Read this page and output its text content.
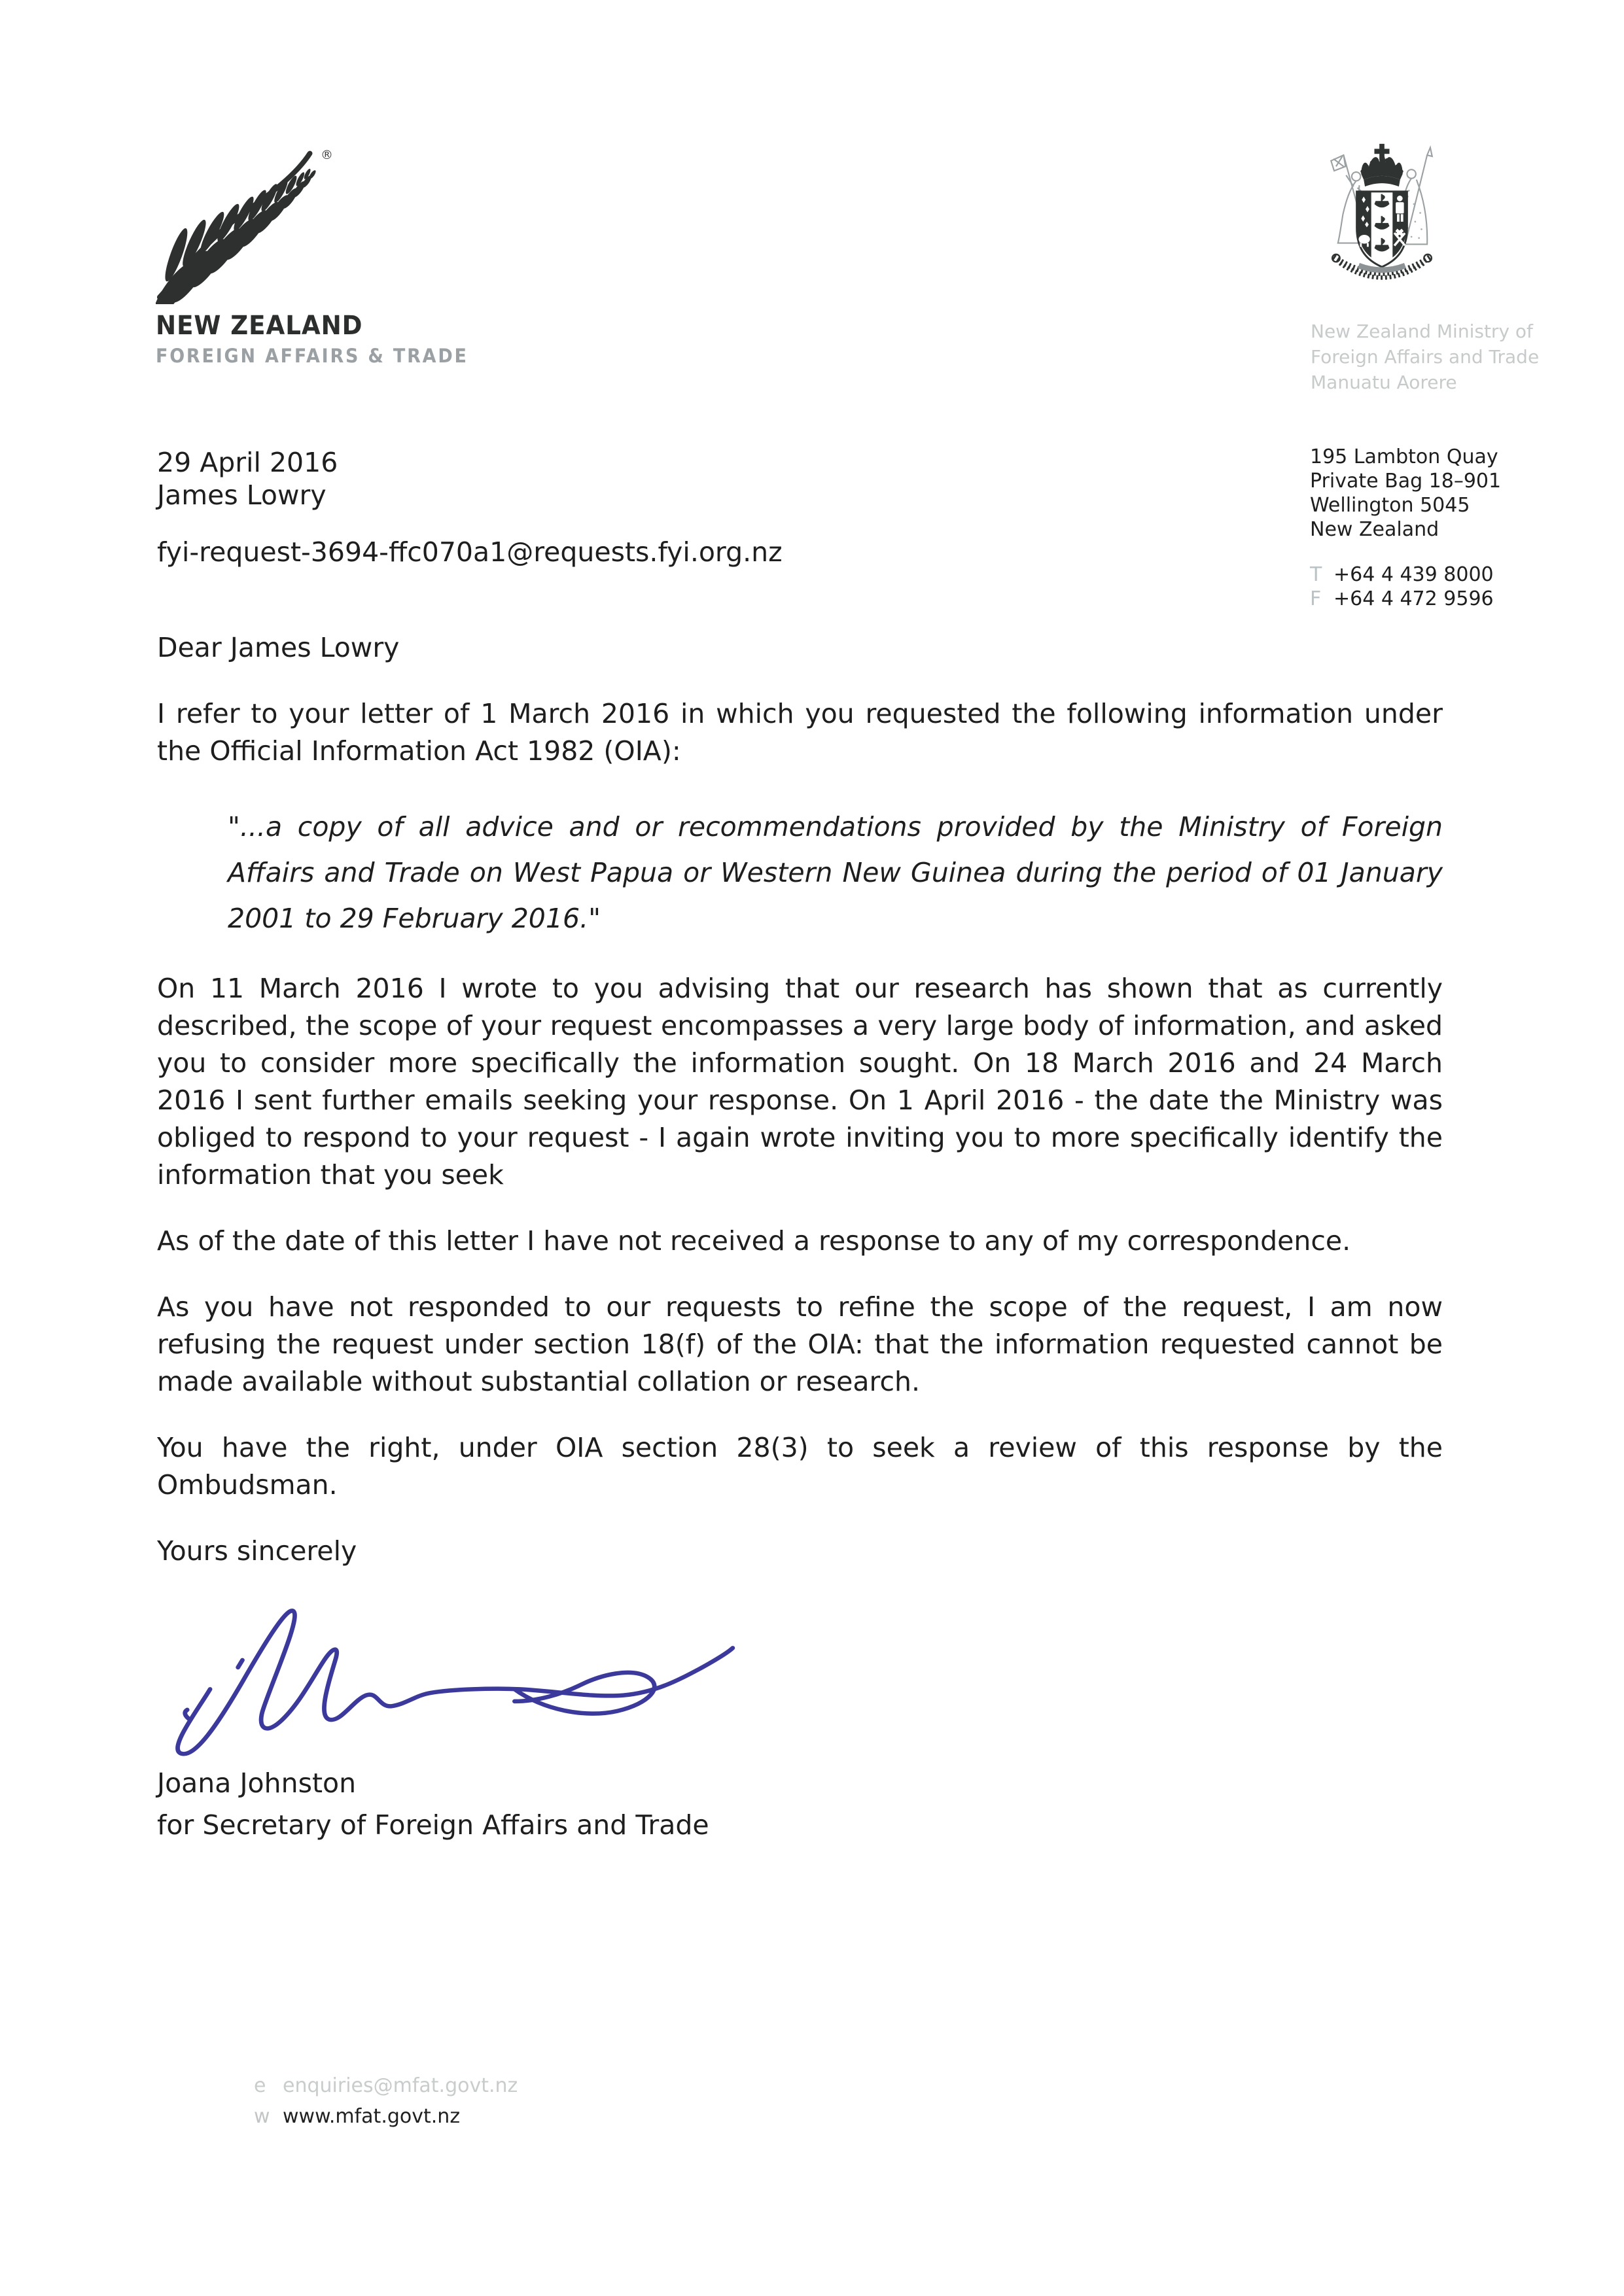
®
NEW ZEALAND
FOREIGN AFFAIRS & TRADE
New Zealand Ministry of
Foreign Affairs and Trade
Manuatu Aorere
29 April 2016
James Lowry
fyi-request-3694-ffc070a1@requests.fyi.org.nz
195 Lambton Quay
Private Bag 18–901
Wellington 5045
New Zealand
T +64 4 439 8000
F +64 4 472 9596

Dear James Lowry

I refer to your letter of 1 March 2016 in which you requested the following information under the Official Information Act 1982 (OIA):

"...a copy of all advice and or recommendations provided by the Ministry of Foreign Affairs and Trade on West Papua or Western New Guinea during the period of 01 January 2001 to 29 February 2016."

On 11 March 2016 I wrote to you advising that our research has shown that as currently described, the scope of your request encompasses a very large body of information, and asked you to consider more specifically the information sought. On 18 March 2016 and 24 March 2016 I sent further emails seeking your response. On 1 April 2016 - the date the Ministry was obliged to respond to your request - I again wrote inviting you to more specifically identify the information that you seek

As of the date of this letter I have not received a response to any of my correspondence.

As you have not responded to our requests to refine the scope of the request, I am now refusing the request under section 18(f) of the OIA: that the information requested cannot be made available without substantial collation or research.

You have the right, under OIA section 28(3) to seek a review of this response by the Ombudsman.

Yours sincerely

Joana Johnston
for Secretary of Foreign Affairs and Trade

e enquiries@mfat.govt.nz
w www.mfat.govt.nz
